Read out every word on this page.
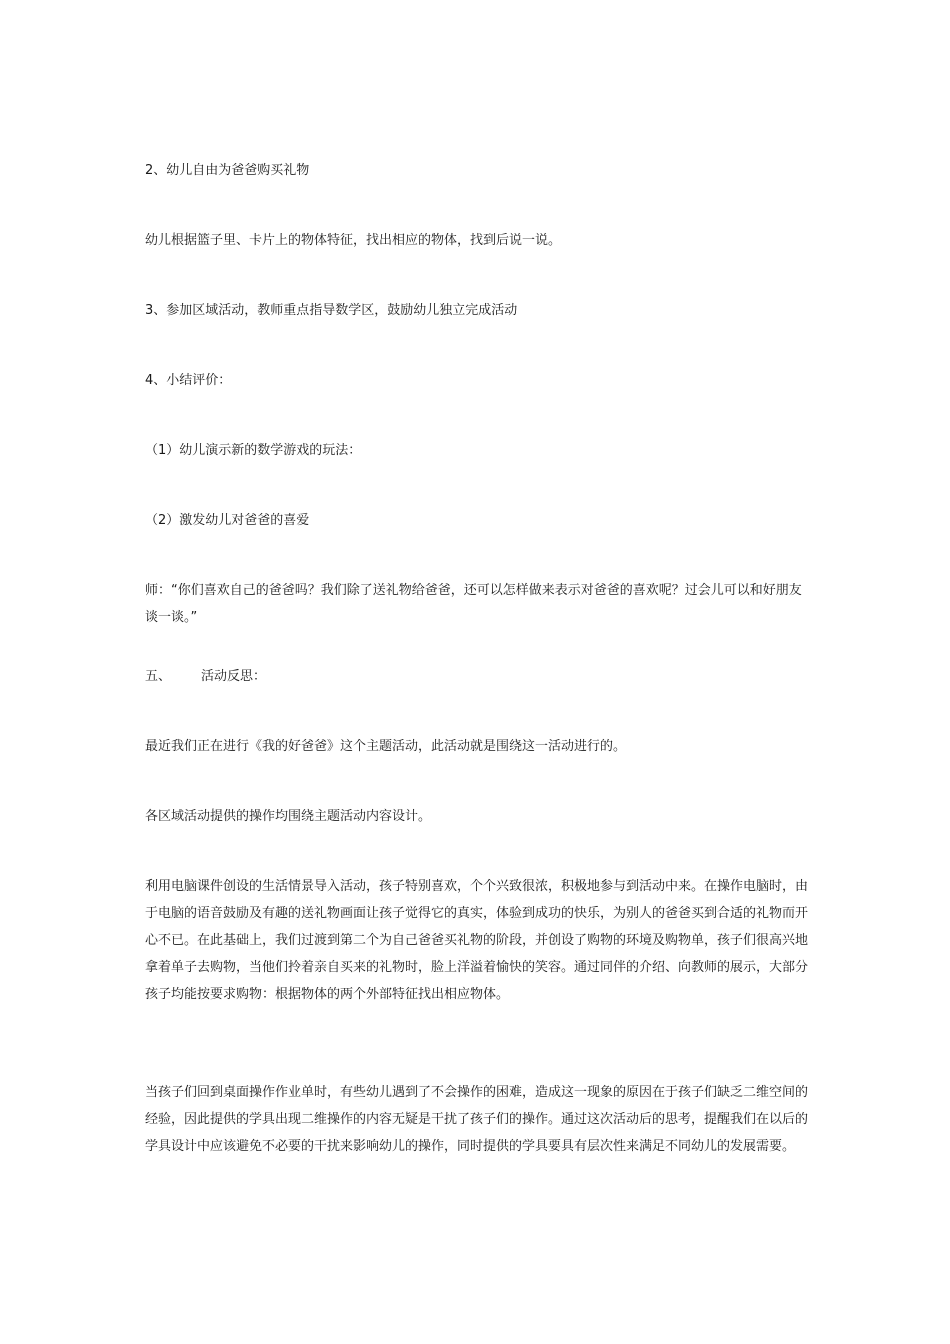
2、幼儿自由为爸爸购买礼物

幼儿根据篮子里、卡片上的物体特征，找出相应的物体，找到后说一说。

3、参加区域活动，教师重点指导数学区，鼓励幼儿独立完成活动

4、小结评价：

（1）幼儿演示新的数学游戏的玩法：

（2）激发幼儿对爸爸的喜爱

师：“你们喜欢自己的爸爸吗？我们除了送礼物给爸爸，还可以怎样做来表示对爸爸的喜欢呢？过会儿可以和好朋友谈一谈。”

五、 活动反思：

最近我们正在进行《我的好爸爸》这个主题活动，此活动就是围绕这一活动进行的。

各区域活动提供的操作均围绕主题活动内容设计。

利用电脑课件创设的生活情景导入活动，孩子特别喜欢，个个兴致很浓，积极地参与到活动中来。在操作电脑时，由于电脑的语音鼓励及有趣的送礼物画面让孩子觉得它的真实，体验到成功的快乐，为别人的爸爸买到合适的礼物而开心不已。在此基础上，我们过渡到第二个为自己爸爸买礼物的阶段，并创设了购物的环境及购物单，孩子们很高兴地拿着单子去购物，当他们拎着亲自买来的礼物时，脸上洋溢着愉快的笑容。通过同伴的介绍、向教师的展示，大部分孩子均能按要求购物：根据物体的两个外部特征找出相应物体。

当孩子们回到桌面操作作业单时，有些幼儿遇到了不会操作的困难，造成这一现象的原因在于孩子们缺乏二维空间的经验，因此提供的学具出现二维操作的内容无疑是干扰了孩子们的操作。通过这次活动后的思考，提醒我们在以后的学具设计中应该避免不必要的干扰来影响幼儿的操作，同时提供的学具要具有层次性来满足不同幼儿的发展需要。
